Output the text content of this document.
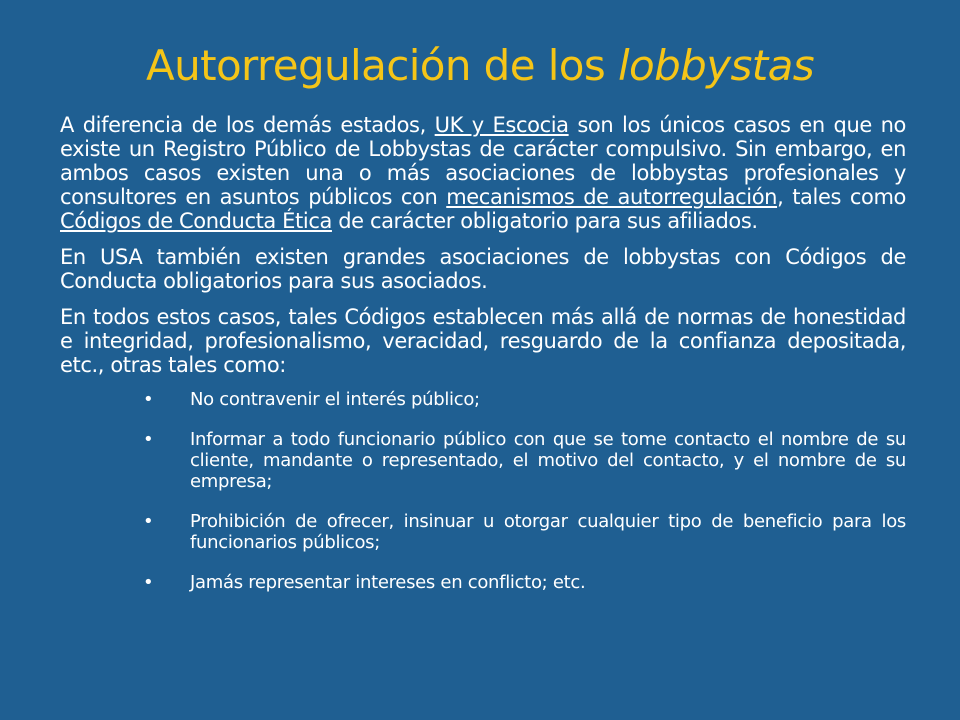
Autorregulación de los lobbystas

A diferencia de los demás estados, UK y Escocia son los únicos casos en que no existe un Registro Público de Lobbystas de carácter compulsivo. Sin embargo, en ambos casos existen una o más asociaciones de lobbystas profesionales y consultores en asuntos públicos con mecanismos de autorregulación, tales como Códigos de Conducta Ética de carácter obligatorio para sus afiliados.

En USA también existen grandes asociaciones de lobbystas con Códigos de Conducta obligatorios para sus asociados.

En todos estos casos, tales Códigos establecen más allá de normas de honestidad e integridad, profesionalismo, veracidad, resguardo de la confianza depositada, etc., otras tales como:

• No contravenir el interés público;
• Informar a todo funcionario público con que se tome contacto el nombre de su cliente, mandante o representado, el motivo del contacto, y el nombre de su empresa;
• Prohibición de ofrecer, insinuar u otorgar cualquier tipo de beneficio para los funcionarios públicos;
• Jamás representar intereses en conflicto; etc.
